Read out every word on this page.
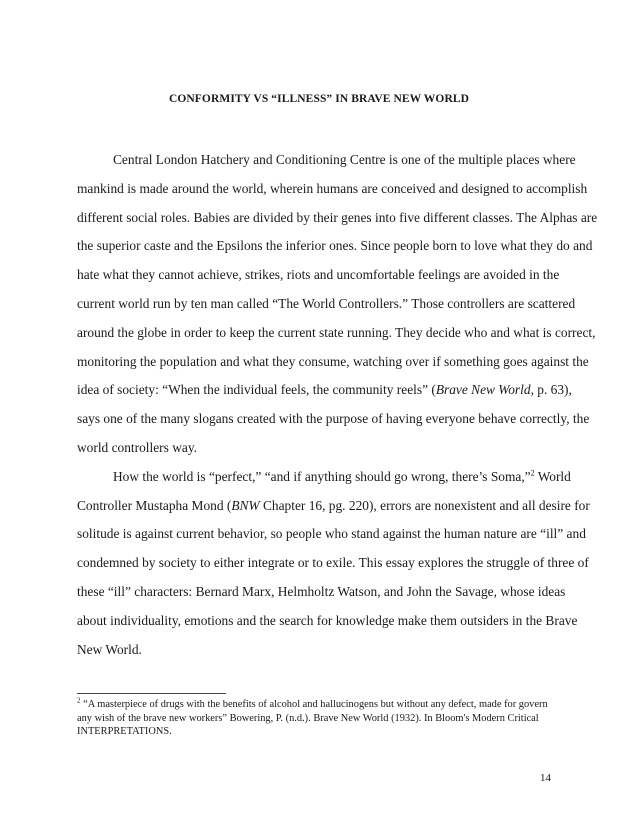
CONFORMITY VS “ILLNESS” IN BRAVE NEW WORLD
Central London Hatchery and Conditioning Centre is one of the multiple places where
mankind is made around the world, wherein humans are conceived and designed to accomplish
different social roles. Babies are divided by their genes into five different classes. The Alphas are
the superior caste and the Epsilons the inferior ones. Since people born to love what they do and
hate what they cannot achieve, strikes, riots and uncomfortable feelings are avoided in the
current world run by ten man called “The World Controllers.” Those controllers are scattered
around the globe in order to keep the current state running. They decide who and what is correct,
monitoring the population and what they consume, watching over if something goes against the
idea of society: “When the individual feels, the community reels” (Brave New World, p. 63),
says one of the many slogans created with the purpose of having everyone behave correctly, the
world controllers way.
How the world is “perfect,” “and if anything should go wrong, there’s Soma,”$^2$ World
Controller Mustapha Mond (BNW Chapter 16, pg. 220), errors are nonexistent and all desire for
solitude is against current behavior, so people who stand against the human nature are “ill” and
condemned by society to either integrate or to exile. This essay explores the struggle of three of
these “ill” characters: Bernard Marx, Helmholtz Watson, and John the Savage, whose ideas
about individuality, emotions and the search for knowledge make them outsiders in the Brave
New World.
$^2$ “A masterpiece of drugs with the benefits of alcohol and hallucinogens but without any defect, made for govern
any wish of the brave new workers” Bowering, P. (n.d.). Brave New World (1932). In Bloom's Modern Critical
INTERPRETATIONS.
14
